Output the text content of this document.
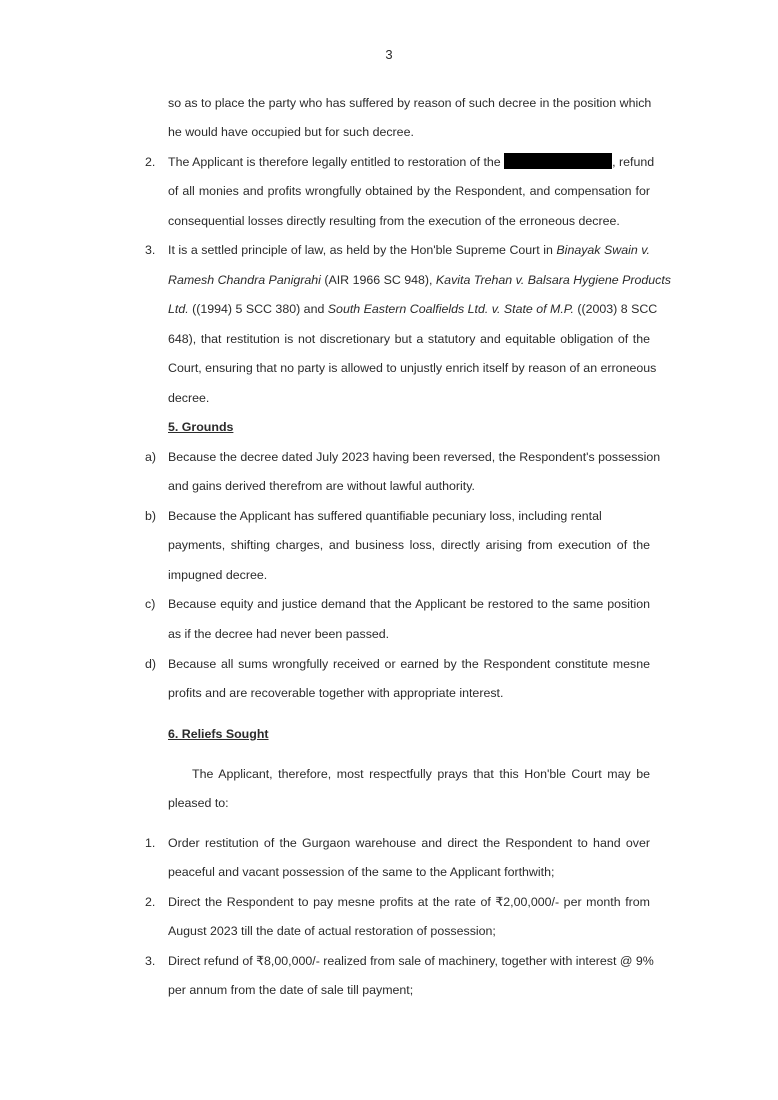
3
so as to place the party who has suffered by reason of such decree in the position which
he would have occupied but for such decree.
2. The Applicant is therefore legally entitled to restoration of the	, refund
of all monies and profits wrongfully obtained by the Respondent, and compensation for
consequential losses directly resulting from the execution of the erroneous decree.
3. It is a settled principle of law, as held by the Hon'ble Supreme Court in Binayak Swain v.
Ramesh Chandra Panigrahi (AIR 1966 SC 948), Kavita Trehan v. Balsara Hygiene Products
Ltd. ((1994) 5 SCC 380) and South Eastern Coalfields Ltd. v. State of M.P. ((2003) 8 SCC
648), that restitution is not discretionary but a statutory and equitable obligation of the
Court, ensuring that no party is allowed to unjustly enrich itself by reason of an erroneous
decree.
5. Grounds
a) Because the decree dated July 2023 having been reversed, the Respondent's possession
and gains derived therefrom are without lawful authority.
b) Because the Applicant has suffered quantifiable pecuniary loss, including rental
payments, shifting charges, and business loss, directly arising from execution of the
impugned decree.
c) Because equity and justice demand that the Applicant be restored to the same position
as if the decree had never been passed.
d) Because all sums wrongfully received or earned by the Respondent constitute mesne
profits and are recoverable together with appropriate interest.
6. Reliefs Sought
The Applicant, therefore, most respectfully prays that this Hon'ble Court may be
pleased to:
1. Order restitution of the Gurgaon warehouse and direct the Respondent to hand over
peaceful and vacant possession of the same to the Applicant forthwith;
2. Direct the Respondent to pay mesne profits at the rate of ₹2,00,000/- per month from
August 2023 till the date of actual restoration of possession;
3. Direct refund of ₹8,00,000/- realized from sale of machinery, together with interest @ 9%
per annum from the date of sale till payment;
